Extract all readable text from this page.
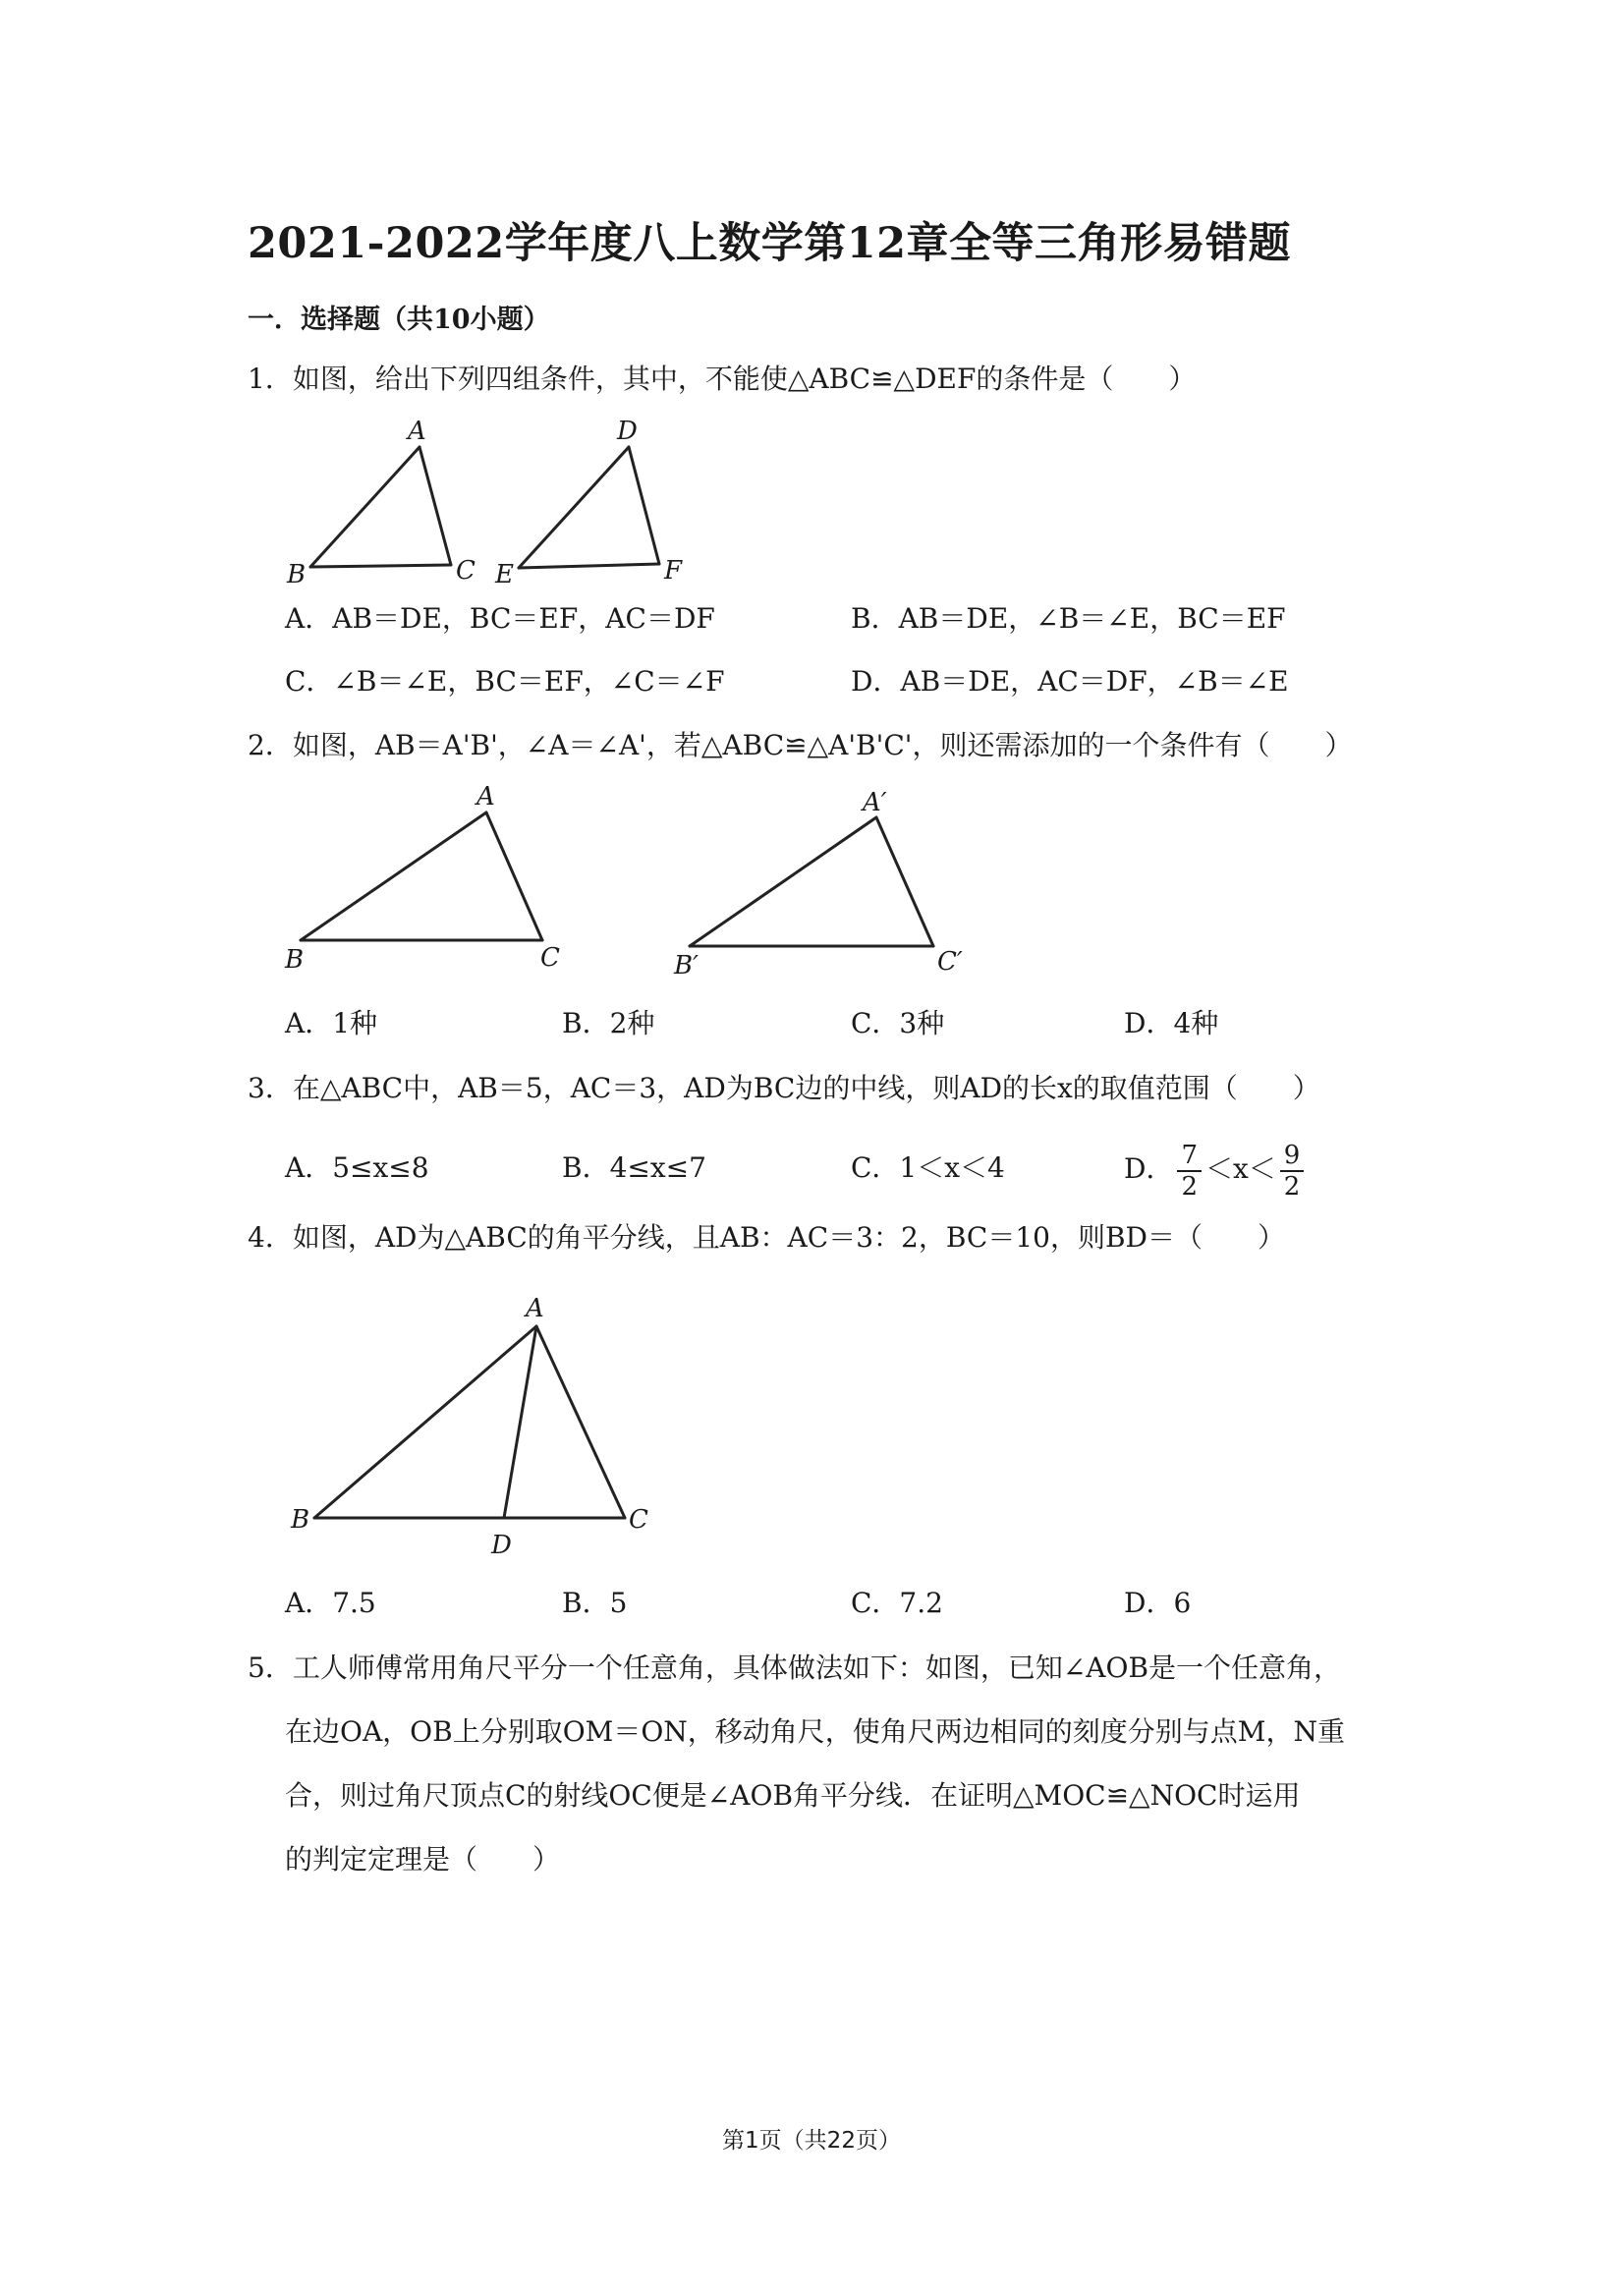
2021-2022学年度八上数学第12章全等三角形易错题
一．选择题（共10小题）
1．如图，给出下列四组条件，其中，不能使△ABC≌△DEF的条件是（　　）
A
B	C
D
E	F
A．AB＝DE，BC＝EF，AC＝DF	B．AB＝DE，∠B＝∠E，BC＝EF
C．∠B＝∠E，BC＝EF，∠C＝∠F	D．AB＝DE，AC＝DF，∠B＝∠E
2．如图，AB＝A'B'，∠A＝∠A'，若△ABC≌△A'B'C'，则还需添加的一个条件有（　　）
A
B	C
A′
B′	C′
A．1种	B．2种	C．3种	D．4种
3．在△ABC中，AB＝5，AC＝3，AD为BC边的中线，则AD的长x的取值范围（　　）
A．5≤x≤8	B．4≤x≤7	C．1＜x＜4	D． $\frac{7}{2} <x< \frac{9}{2}$
4．如图，AD为△ABC的角平分线，且AB：AC＝3：2，BC＝10，则BD＝（　　）
A
B	C
D
A．7.5	B．5	C．7.2	D．6
5．工人师傅常用角尺平分一个任意角，具体做法如下：如图，已知∠AOB是一个任意角，
在边OA，OB上分别取OM＝ON，移动角尺，使角尺两边相同的刻度分别与点M，N重
合，则过角尺顶点C的射线OC便是∠AOB角平分线．在证明△MOC≌△NOC时运用
的判定定理是（　　）
第1页（共22页）
